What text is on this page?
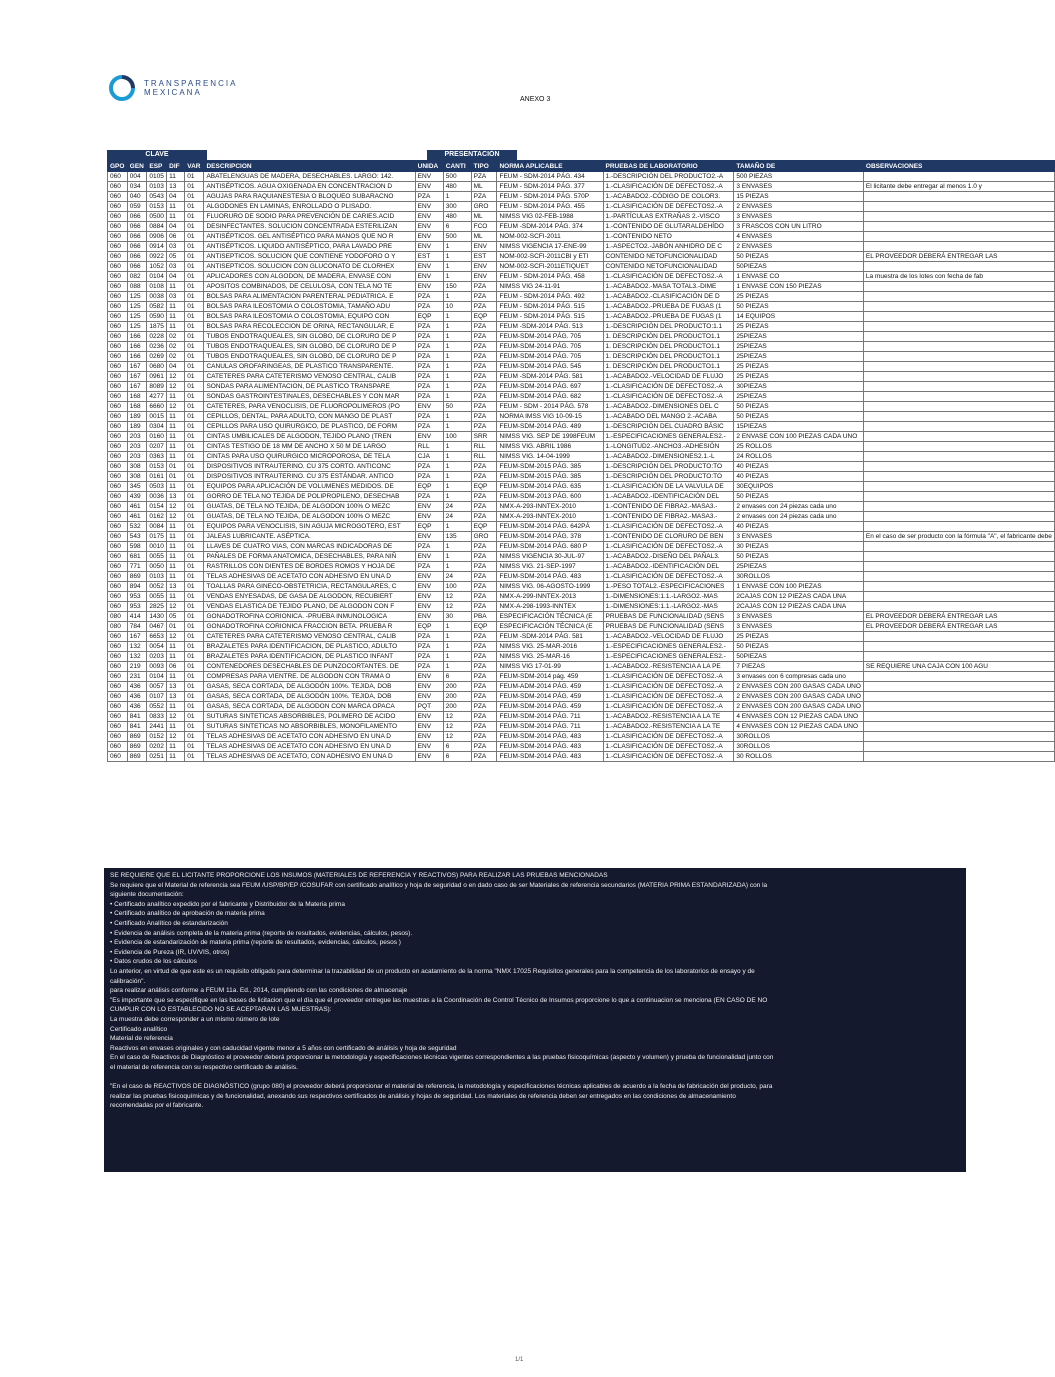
TRANSPARENCIA
MEXICANA
ANEXO 3
CLAVE	PRESENTACIÓN
GPO	GEN	ESP	DIF	VAR	DESCRIPCION	UNIDA	CANTI	TIPO	NORMA APLICABLE	PRUEBAS DE LABORATORIO	TAMAÑO DE	OBSERVACIONES
060	004	0105	11	01	ABATELENGUAS DE MADERA, DESECHABLES. LARGO: 142.	ENV	500	PZA	FEUM - SDM-2014 PÁG. 434	1.-DESCRIPCIÓN DEL PRODUCTO2.-A	500 PIEZAS	
060	034	0103	13	01	ANTISÉPTICOS. AGUA OXIGENADA EN CONCENTRACION D	ENV	480	ML	FEUM - SDM-2014 PÁG. 377	1.-CLASIFICACIÓN DE DEFECTOS2.-A	3 ENVASES	El licitante debe entregar al menos 1.0 y
060	040	0543	04	01	AGUJAS PARA RAQUIANESTESIA O BLOQUEO SUBARACNO	PZA	1	PZA	FEUM - SDM-2014 PÁG. 570P	1.-ACABADO2.-CÓDIGO DE COLOR3.	15 PIEZAS	
060	059	0153	11	01	ALGODONES EN LAMINAS, ENROLLADO O PLISADO.	ENV	300	GRO	FEUM - SDM-2014 PÁG. 455	1.-CLASIFICACIÓN DE DEFECTOS2.-A	2 ENVASES	
060	066	0500	11	01	FLUORURO DE SODIO PARA PREVENCIÓN DE CARIES.ACID	ENV	480	ML	NIMSS VIG 02-FEB-1988	1.-PARTÍCULAS EXTRAÑAS 2.-VISCO	3 ENVASES	
060	066	0884	04	01	DESINFECTANTES. SOLUCION CONCENTRADA ESTERILIZAN	ENV	6	FCO	FEUM -SDM-2014 PÁG. 374	1.-CONTENIDO DE GLUTARALDEHÍDO	3 FRASCOS CON UN LITRO	
060	066	0906	06	01	ANTISÉPTICOS. GEL ANTISÉPTICO PARA MANOS QUE NO R	ENV	500	ML	NOM-002-SCFI-2011	1.-CONTENIDO NETO	4 ENVASES	
060	066	0914	03	01	ANTISÉPTICOS. LIQUIDO ANTISÉPTICO, PARA LAVADO PRE	ENV	1	ENV	NIMSS VIGENCIA 17-ENE-99	1.-ASPECTO2.-JABÓN ANHIDRO DE C	2 ENVASES	
060	066	0922	05	01	ANTISEPTICOS. SOLUCION QUE CONTIENE YODOFORO O Y	EST	1	EST	NOM-002-SCFI-2011CBI y ETI	CONTENIDO NETOFUNCIONALIDAD	50 PIEZAS	EL PROVEEDOR DEBERÁ ENTREGAR LAS
060	066	1052	03	01	ANTISEPTICOS. SOLUCION CON GLUCONATO DE CLORHEX	ENV	1	ENV	NOM-002-SCFI-2011ETIQUET	CONTENIDO NETOFUNCIONALIDAD	50PIEZAS	
060	082	0104	04	01	APLICADORES CON ALGODON, DE MADERA, ENVASE CON	ENV	1	ENV	FEUM - SDM-2014 PÁG. 458	1.-CLASIFICACIÓN DE DEFECTOS2.-A	1 ENVASE CO	La muestra de los lotes con fecha de fab
060	088	0108	11	01	APOSITOS COMBINADOS, DE CELULOSA, CON TELA NO TE	ENV	150	PZA	NIMSS VIG 24-11-91	1.-ACABADO2.-MASA TOTAL3.-DIME	1 ENVASE CON 150 PIEZAS	
060	125	0038	03	01	BOLSAS PARA ALIMENTACION PARENTERAL PEDIATRICA. E	PZA	1	PZA	FEUM - SDM-2014 PÁG. 492	1.-ACABADO2.-CLASIFICACIÓN DE D	25 PIEZAS	
060	125	0582	11	01	BOLSAS PARA ILEOSTOMIA O COLOSTOMIA, TAMAÑO ADU	PZA	10	PZA	FEUM - SDM-2014 PÁG. 515	1.-ACABADO2.-PRUEBA DE FUGAS (1	50 PIEZAS	
060	125	0590	11	01	BOLSAS PARA ILEOSTOMIA O COLOSTOMIA, EQUIPO CON	EQP	1	EQP	FEUM - SDM-2014 PÁG. 515	1.-ACABADO2.-PRUEBA DE FUGAS (1	14 EQUIPOS	
060	125	1875	11	01	BOLSAS PARA RECOLECCION DE ORINA, RECTANGULAR, E	PZA	1	PZA	FEUM -SDM-2014 PÁG. 513	1.-DESCRIPCIÓN DEL PRODUCTO:1.1	25 PIEZAS	
060	166	0228	02	01	TUBOS ENDOTRAQUEALES, SIN GLOBO, DE CLORURO DE P	PZA	1	PZA	FEUM-SDM-2014 PÁG. 705	1. DESCRIPCIÓN DEL PRODUCTO1.1	25PIEZAS	
060	166	0236	02	01	TUBOS ENDOTRAQUEALES, SIN GLOBO, DE CLORURO DE P	PZA	1	PZA	FEUM-SDM-2014 PÁG. 705	1. DESCRIPCIÓN DEL PRODUCTO1.1	25PIEZAS	
060	166	0269	02	01	TUBOS ENDOTRAQUEALES, SIN GLOBO, DE CLORURO DE P	PZA	1	PZA	FEUM-SDM-2014 PÁG. 705	1. DESCRIPCIÓN DEL PRODUCTO1.1	25PIEZAS	
060	167	0680	04	01	CANULAS OROFARINGEAS, DE PLASTICO TRANSPARENTE.	PZA	1	PZA	FEUM-SDM-2014 PÁG. 545	1. DESCRIPCIÓN DEL PRODUCTO1.1	25 PIEZAS	
060	167	0961	12	01	CATETERES PARA CATETERISMO VENOSO CENTRAL, CALIB	PZA	1	PZA	FEUM -SDM-2014 PÁG. 581	1.-ACABADO2.-VELOCIDAD DE FLUJO	25 PIEZAS	
060	167	8089	12	01	SONDAS PARA ALIMENTACION, DE PLASTICO TRANSPARE	PZA	1	PZA	FEUM-SDM-2014 PÁG. 697	1.-CLASIFICACIÓN DE DEFECTOS2.-A	30PIEZAS	
060	168	4277	11	01	SONDAS GASTROINTESTINALES, DESECHABLES Y CON MAR	PZA	1	PZA	FEUM-SDM-2014 PÁG. 682	1.-CLASIFICACIÓN DE DEFECTOS2.-A	25PIEZAS	
060	168	6660	12	01	CATETERES, PARA VENOCLISIS, DE FLUOROPOLIMEROS (PO	ENV	50	PZA	FEUM - SDM - 2014 PÁG. 578	1.-ACABADO2.-DIMENSIONES DEL C	50 PIEZAS	
060	189	0015	11	01	CEPILLOS, DENTAL, PARA ADULTO, CON MANGO DE PLAST	PZA	1	PZA	NORMA IMSS VIG 10-09-15	1.-ACABADO DEL MANGO 2.-ACABA	50 PIEZAS	
060	189	0304	11	01	CEPILLOS PARA USO QUIRURGICO, DE PLASTICO, DE FORM	PZA	1	PZA	FEUM-SDM-2014 PÁG. 489	1.-DESCRIPCIÓN DEL CUADRO BÁSIC	15PIEZAS	
060	203	0160	11	01	CINTAS UMBILICALES DE ALGODON, TEJIDO PLANO (TREN	ENV	100	SRR	NIMSS VIG. SEP DE 1998FEUM	1.-ESPECIFICACIONES GENERALES2.-	2 ENVASE CON 100 PIEZAS CADA UNO	
060	203	0207	11	01	CINTAS TESTIGO DE 18 MM DE ANCHO X 50 M DE LARGO	RLL	1	RLL	NIMSS VIG. ABRIL 1986	1.-LONGITUD2.-ANCHO3.-ADHESIÓN	25 ROLLOS	
060	203	0363	11	01	CINTAS PARA USO QUIRURGICO MICROPOROSA, DE TELA	CJA	1	RLL	NIMSS VIG. 14-04-1999	1.-ACABADO2.-DIMENSIONES2.1.-L	24 ROLLOS	
060	308	0153	01	01	DISPOSITIVOS INTRAUTERINO. CU 375 CORTO. ANTICONC	PZA	1	PZA	FEUM-SDM-2015 PÁG. 385	1.-DESCRIPCIÓN DEL PRODUCTO:TO	40 PIEZAS	
060	308	0161	01	01	DISPOSITIVOS INTRAUTERINO. CU 375 ESTÁNDAR. ANTICO	PZA	1	PZA	FEUM-SDM-2015 PÁG. 385	1.-DESCRIPCIÓN DEL PRODUCTO:TO	40 PIEZAS	
060	345	0503	11	01	EQUIPOS PARA APLICACIÓN DE VOLUMENES MEDIDOS. DE	EQP	1	EQP	FEUM-SDM-2014 PÁG. 635	1.-CLASIFICACIÓN DE LA VALVULA DE	30EQUIPOS	
060	439	0036	13	01	GORRO DE TELA NO TEJIDA DE POLIPROPILENO, DESECHAB	PZA	1	PZA	FEUM-SDM-2013 PÁG. 600	1.-ACABADO2.-IDENTIFICACIÓN DEL	50 PIEZAS	
060	461	0154	12	01	GUATAS, DE TELA NO TEJIDA, DE ALGODON 100% O MEZC	ENV	24	PZA	NMX-A-293-INNTEX-2010	1.-CONTENIDO DE FIBRA2.-MASA3.-	2 envases con 24 piezas cada uno	
060	461	0162	12	01	GUATAS, DE TELA NO TEJIDA, DE ALGODON 100% O MEZC	ENV	24	PZA	NMX-A-293-INNTEX-2010	1.-CONTENIDO DE FIBRA2.-MASA3.-	2 envases con 24 piezas cada uno	
060	532	0084	11	01	EQUIPOS PARA VENOCLISIS, SIN AGUJA MICROGOTERO, EST	EQP	1	EQP	FEUM-SDM-2014 PÁG. 642PÁ	1.-CLASIFICACIÓN DE DEFECTOS2.-A	40 PIEZAS	
060	543	0175	11	01	JALEAS LUBRICANTE. ASÉPTICA.	ENV	135	GRO	FEUM-SDM-2014 PÁG. 378	1.-CONTENIDO DE CLORURO DE BEN	3 ENVASES	En el caso de ser producto con la fórmula "A", el fabricante debe
060	598	0010	11	01	LLAVES DE CUATRO VIAS, CON MARCAS INDICADORAS DE	PZA	1	PZA	FEUM-SDM-2014 PÁG. 680 P	1.-CLASIFICACIÓN DE DEFECTOS2.-A	30 PIEZAS	
060	681	0055	11	01	PAÑALES DE FORMA ANATOMICA, DESECHABLES, PARA NIÑ	ENV	1	PZA	NIMSS VIGENCIA 30-JUL-97	1.-ACABADO2.-DISEÑO DEL PAÑAL3.	50 PIEZAS	
060	771	0050	11	01	RASTRILLOS CON DIENTES DE BORDES ROMOS Y HOJA DE	PZA	1	PZA	NIMSS VIG. 21-SEP-1997	1.-ACABADO2.-IDENTIFICACIÓN DEL	25PIEZAS	
060	869	0103	11	01	TELAS ADHESIVAS DE ACETATO CON ADHESIVO EN UNA D	ENV	24	PZA	FEUM-SDM-2014 PÁG. 483	1.-CLASIFICACIÓN DE DEFECTOS2.-A	30ROLLOS	
060	894	0052	13	01	TOALLAS PARA GINECO-OBSTETRICIA, RECTANGULARES, C	ENV	100	PZA	NIMSS VIG. 06-AGOSTO-1999	1.-PESO TOTAL2.-ESPECIFICACIONES	1 ENVASE CON 100 PIEZAS	
060	953	0055	11	01	VENDAS ENYESADAS, DE GASA DE ALGODON, RECUBIERT	ENV	12	PZA	NMX-A-299-INNTEX-2013	1.-DIMENSIONES:1.1.-LARGO2.-MAS	2CAJAS CON 12 PIEZAS CADA UNA	
060	953	2825	12	01	VENDAS ELASTICA DE TEJIDO PLANO, DE ALGODON CON F	ENV	12	PZA	NMX-A-298-1993-INNTEX	1.-DIMENSIONES:1.1.-LARGO2.-MAS	2CAJAS CON 12 PIEZAS CADA UNA	
080	414	1430	05	01	GONADOTROFINA CORIONICA. -PRUEBA INMUNOLOGICA	ENV	30	PBA	ESPECIFICACIÓN TÉCNICA (E	PRUEBAS DE FUNCIONALIDAD (SENS	3 ENVASES	EL PROVEEDOR DEBERÁ ENTREGAR LAS
080	784	0467	01	01	GONADOTROFINA CORIONICA FRACCION BETA. PRUEBA R	EQP	1	EQP	ESPECIFICACIÓN TÉCNICA (E	PRUEBAS DE FUNCIONALIDAD (SENS	3 ENVASES	EL PROVEEDOR DEBERÁ ENTREGAR LAS
060	167	6653	12	01	CATETERES PARA CATETERISMO VENOSO CENTRAL, CALIB	PZA	1	PZA	FEUM -SDM-2014 PÁG. 581	1.-ACABADO2.-VELOCIDAD DE FLUJO	25 PIEZAS	
060	132	0054	11	01	BRAZALETES PARA IDENTIFICACION, DE PLASTICO, ADULTO	PZA	1	PZA	NIMSS VIG. 25-MAR-2016	1.-ESPECIFICACIONES GENERALES2.-	50 PIEZAS	
060	132	0203	11	01	BRAZALETES PARA IDENTIFICACION, DE PLASTICO INFANT	PZA	1	PZA	NIMSS VIG. 25-MAR-16	1.-ESPECIFICACIONES GENERALES2.-	50PIEZAS	
060	219	0093	06	01	CONTENEDORES DESECHABLES DE PUNZOCORTANTES. DE	PZA	1	PZA	NIMSS VIG 17-01-99	1.-ACABADO2.-RESISTENCIA A LA PE	7 PIEZAS	SE REQUIERE UNA CAJA CON 100 AGU
060	231	0104	11	01	COMPRESAS PARA VIENTRE. DE ALGODON CON TRAMA O	ENV	6	PZA	FEUM-SDM-2014 pág. 459	1.-CLASIFICACIÓN DE DEFECTOS2.-A	3 envases con 6 compresas cada uno	
060	436	0057	13	01	GASAS, SECA CORTADA, DE ALGODÓN 100%. TEJIDA, DOB	ENV	200	PZA	FEUM-ADM-2014 PÁG. 459	1.-CLASIFICACIÓN DE DEFECTOS2.-A	2 ENVASES CON 200 GASAS CADA UNO	
060	436	0107	13	01	GASAS, SECA CORTADA, DE ALGODÓN 100%. TEJIDA, DOB	ENV	200	PZA	FEUM-SDM-2014 PÁG. 459	1.-CLASIFICACIÓN DE DEFECTOS2.-A	2 ENVASES CON 200 GASAS CADA UNO	
060	436	0552	11	01	GASAS, SECA CORTADA, DE ALGODON CON MARCA OPACA	PQT	200	PZA	FEUM-SDM-2014 PÁG. 459	1.-CLASIFICACIÓN DE DEFECTOS2.-A	2 ENVASES CON 200 GASAS CADA UNO	
060	841	0833	12	01	SUTURAS SINTETICAS ABSORBIBLES, POLIMERO DE ACIDO	ENV	12	PZA	FEUM-SDM-2014 PÁG. 711	1.-ACABADO2.-RESISTENCIA A LA TE	4 ENVASES CON 12 PIEZAS CADA UNO	
060	841	2441	11	01	SUTURAS SINTETICAS NO ABSORBIBLES, MONOFILAMENTO	ENV	12	PZA	FEUM-SDM-2014 PÁG. 711	1.-ACABADO2.-RESISTENCIA A LA TE	4 ENVASES CON 12 PIEZAS CADA UNO	
060	869	0152	12	01	TELAS ADHESIVAS DE ACETATO CON ADHESIVO EN UNA D	ENV	12	PZA	FEUM-SDM-2014 PÁG. 483	1.-CLASIFICACIÓN DE DEFECTOS2.-A	30ROLLOS	
060	869	0202	11	01	TELAS ADHESIVAS DE ACETATO CON ADHESIVO EN UNA D	ENV	6	PZA	FEUM-SDM-2014 PÁG. 483	1.-CLASIFICACIÓN DE DEFECTOS2.-A	30ROLLOS	
060	869	0251	11	01	TELAS ADHESIVAS DE ACETATO, CON ADHESIVO EN UNA D	ENV	6	PZA	FEUM-SDM-2014 PÁG. 483	1.-CLASIFICACIÓN DE DEFECTOS2.-A	30 ROLLOS	

SE REQUIERE QUE EL LICITANTE PROPORCIONE LOS INSUMOS (MATERIALES DE REFERENCIA Y REACTIVOS) PARA REALIZAR LAS PRUEBAS MENCIONADAS

Se requiere que el Material de referencia sea FEUM /USP/BP/EP /COSUFAR con certificado analítico y hoja de seguridad o en dado caso de ser Materiales de referencia secundarios (MATERIA PRIMA ESTANDARIZADA) con la

siguiente documentación:

• Certificado analítico expedido por el fabricante y Distribuidor de la Materia prima

• Certificado analítico de aprobación de materia prima

• Certificado Analítico de estandarización

• Evidencia de análisis completa de la materia prima (reporte de resultados, evidencias, cálculos, pesos).

• Evidencia de estandarización de materia prima (reporte de resultados, evidencias, cálculos, pesos )

• Evidencia de Pureza (IR, UV/VIS, otros)

• Datos crudos de los cálculos

Lo anterior, en virtud de que este es un requisito obligado para determinar la trazabilidad de un producto en acatamiento de la norma "NMX 17025 Requisitos generales para la competencia de los laboratorios de ensayo y de

calibración".

para realizar análisis conforme a FEUM 11a. Ed., 2014, cumpliendo con las condiciones de almacenaje

"Es importante que se especifique en las bases de licitacion que el día que el proveedor entregue las muestras a la Coordinación de Control Técnico de Insumos proporcione lo que a continuacion se menciona (EN CASO DE NO

CUMPLIR CON LO ESTABLECIDO NO SE ACEPTARAN LAS MUESTRAS):

La muestra debe corresponder a un mismo número de lote

Certificado analítico

Material de referencia

Reactivos en envases originales y con caducidad vigente menor a 5 años con certificado de análisis y hoja de seguridad

En el caso de Reactivos de Diagnóstico el proveedor deberá proporcionar la metodología y especificaciones técnicas vigentes correspondientes a las pruebas fisicoquímicas (aspecto y volumen) y prueba de funcionalidad junto con

el material de referencia con su respectivo certificado de análisis.

"En el caso de REACTIVOS DE DIAGNÓSTICO (grupo 080) el proveedor deberá proporcionar el material de referencia, la metodología y especificaciones técnicas aplicables de acuerdo a la fecha de fabricación del producto, para

realizar las pruebas fisicoquímicas y de funcionalidad, anexando sus respectivos certificados de análisis y hojas de seguridad. Los materiales de referencia deben ser entregados en las condiciones de almacenamiento

recomendadas por el fabricante.

1/1
